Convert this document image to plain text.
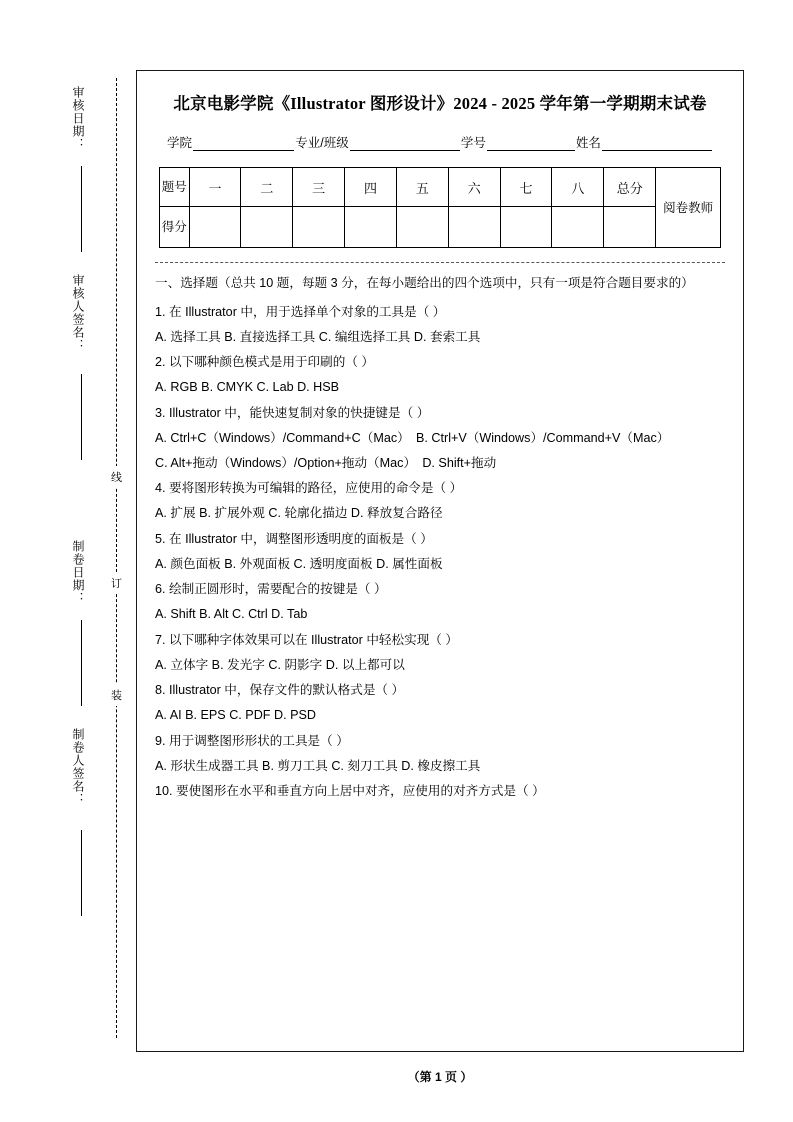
审核日期：
审核人签名：
制卷日期：
制卷人签名：
线
订
装
北京电影学院《Illustrator 图形设计》2024 - 2025 学年第一学期期末试卷
学院	专业/班级	学号	姓名
题号	一	二	三	四	五	六	七	八	总分	阅卷教师
得分										
一、选择题（总共 10 题，每题 3 分，在每小题给出的四个选项中，只有一项是符合题目要求的）
1. 在 Illustrator 中，用于选择单个对象的工具是（ ）
A. 选择工具 B. 直接选择工具 C. 编组选择工具 D. 套索工具
2. 以下哪种颜色模式是用于印刷的（ ）
A. RGB B. CMYK C. Lab D. HSB
3. Illustrator 中，能快速复制对象的快捷键是（ ）
A. Ctrl+C（Windows）/Command+C（Mac）　B. Ctrl+V（Windows）/Command+V（Mac）
C. Alt+拖动（Windows）/Option+拖动（Mac）　D. Shift+拖动
4. 要将图形转换为可编辑的路径，应使用的命令是（ ）
A. 扩展 B. 扩展外观 C. 轮廓化描边 D. 释放复合路径
5. 在 Illustrator 中，调整图形透明度的面板是（ ）
A. 颜色面板 B. 外观面板 C. 透明度面板 D. 属性面板
6. 绘制正圆形时，需要配合的按键是（ ）
A. Shift B. Alt C. Ctrl D. Tab
7. 以下哪种字体效果可以在 Illustrator 中轻松实现（ ）
A. 立体字 B. 发光字 C. 阴影字 D. 以上都可以
8. Illustrator 中，保存文件的默认格式是（ ）
A. AI B. EPS C. PDF D. PSD
9. 用于调整图形形状的工具是（ ）
A. 形状生成器工具 B. 剪刀工具 C. 刻刀工具 D. 橡皮擦工具
10. 要使图形在水平和垂直方向上居中对齐，应使用的对齐方式是（ ）
（第 1 页 ）
